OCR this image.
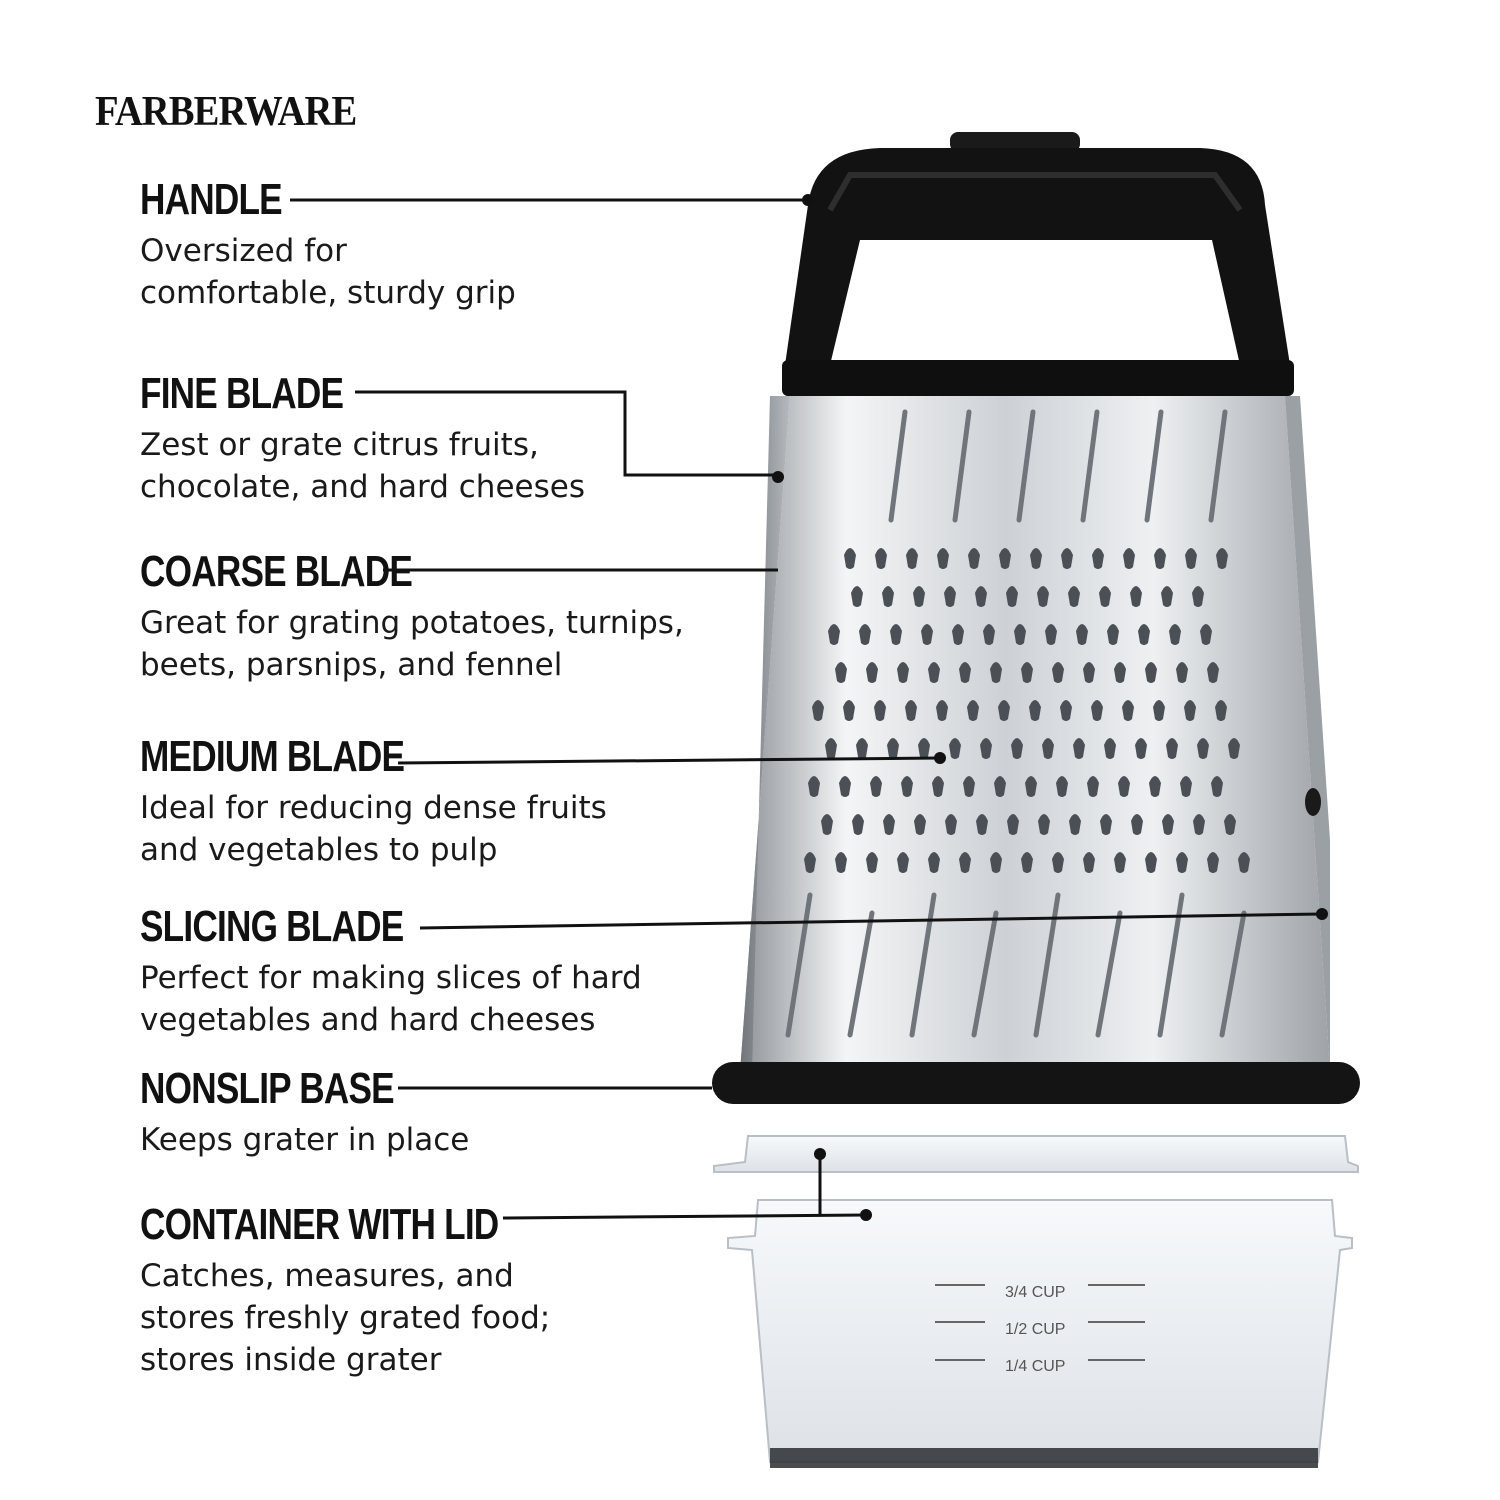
3/4 CUP
1/2 CUP
1/4 CUP
FARBERWARE
HANDLE

Oversized for
comfortable, sturdy grip

FINE BLADE

Zest or grate citrus fruits,
chocolate, and hard cheeses

COARSE BLADE

Great for grating potatoes, turnips,
beets, parsnips, and fennel

MEDIUM BLADE

Ideal for reducing dense fruits
and vegetables to pulp

SLICING BLADE

Perfect for making slices of hard
vegetables and hard cheeses

NONSLIP BASE

Keeps grater in place

CONTAINER WITH LID

Catches, measures, and
stores freshly grated food;
stores inside grater
